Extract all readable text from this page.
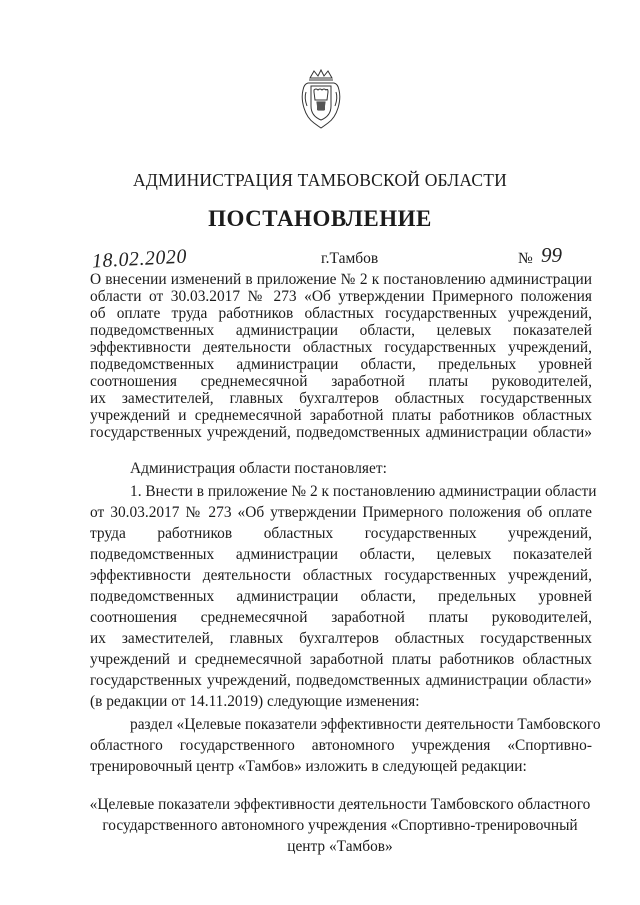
АДМИНИСТРАЦИЯ ТАМБОВСКОЙ ОБЛАСТИ
ПОСТАНОВЛЕНИЕ
18.02.2020	г.Тамбов	№ 99
О внесении изменений в приложение № 2 к постановлению администрации
области от 30.03.2017 № 273 «Об утверждении Примерного положения
об оплате труда работников областных государственных учреждений,
подведомственных администрации области, целевых показателей
эффективности деятельности областных государственных учреждений,
подведомственных администрации области, предельных уровней
соотношения среднемесячной заработной платы руководителей,
их заместителей, главных бухгалтеров областных государственных
учреждений и среднемесячной заработной платы работников областных
государственных учреждений, подведомственных администрации области»
Администрация области постановляет:
1. Внести в приложение № 2 к постановлению администрации области
от 30.03.2017 № 273 «Об утверждении Примерного положения об оплате
труда работников областных государственных учреждений,
подведомственных администрации области, целевых показателей
эффективности деятельности областных государственных учреждений,
подведомственных администрации области, предельных уровней
соотношения среднемесячной заработной платы руководителей,
их заместителей, главных бухгалтеров областных государственных
учреждений и среднемесячной заработной платы работников областных
государственных учреждений, подведомственных администрации области»
(в редакции от 14.11.2019) следующие изменения:
раздел «Целевые показатели эффективности деятельности Тамбовского
областного государственного автономного учреждения «Спортивно-
тренировочный центр «Тамбов» изложить в следующей редакции:
«Целевые показатели эффективности деятельности Тамбовского областного
государственного автономного учреждения «Спортивно-тренировочный
центр «Тамбов»
